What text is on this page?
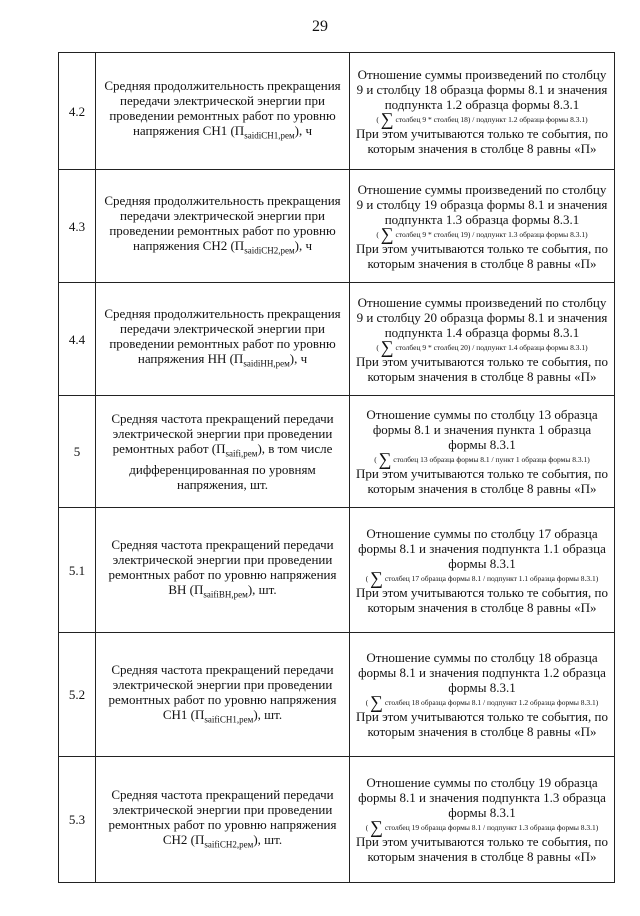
29
4.2	Средняя продолжительность прекращения передачи электрической энергии при проведении ремонтных работ по уровню напряжения СН1 $(П_{saidiСН1,рем})$, ч	Отношение суммы произведений по столбцу 9 и столбцу 18 образца формы 8.1 и значения подпункта 1.2 образца формы 8.3.1
( ∑ столбец 9 * столбец 18) / подпункт 1.2 образца формы 8.3.1)
При этом учитываются только те события, по которым значения в столбце 8 равны «П»

4.3	Средняя продолжительность прекращения передачи электрической энергии при проведении ремонтных работ по уровню напряжения СН2 $(П_{saidiСН2,рем})$, ч	Отношение суммы произведений по столбцу 9 и столбцу 19 образца формы 8.1 и значения подпункта 1.3 образца формы 8.3.1
( ∑ столбец 9 * столбец 19) / подпункт 1.3 образца формы 8.3.1)
При этом учитываются только те события, по которым значения в столбце 8 равны «П»

4.4	Средняя продолжительность прекращения передачи электрической энергии при проведении ремонтных работ по уровню напряжения НН $(П_{saidiНН,рем})$, ч	Отношение суммы произведений по столбцу 9 и столбцу 20 образца формы 8.1 и значения подпункта 1.4 образца формы 8.3.1
( ∑ столбец 9 * столбец 20) / подпункт 1.4 образца формы 8.3.1)
При этом учитываются только те события, по которым значения в столбце 8 равны «П»

5	Средняя частота прекращений передачи электрической энергии при проведении ремонтных работ $(П_{saifi,рем})$, в том числе дифференцированная по уровням напряжения, шт.	Отношение суммы по столбцу 13 образца формы 8.1 и значения пункта 1 образца формы 8.3.1
( ∑ столбец 13 образца формы 8.1 / пункт 1 образца формы 8.3.1)
При этом учитываются только те события, по которым значения в столбце 8 равны «П»

5.1	Средняя частота прекращений передачи электрической энергии при проведении ремонтных работ по уровню напряжения ВН $(П_{saifiВН,рем})$, шт.	Отношение суммы по столбцу 17 образца формы 8.1 и значения подпункта 1.1 образца формы 8.3.1
( ∑ столбец 17 образца формы 8.1 / подпункт 1.1 образца формы 8.3.1)
При этом учитываются только те события, по которым значения в столбце 8 равны «П»

5.2	Средняя частота прекращений передачи электрической энергии при проведении ремонтных работ по уровню напряжения СН1 $(П_{saifiСН1,рем})$, шт.	Отношение суммы по столбцу 18 образца формы 8.1 и значения подпункта 1.2 образца формы 8.3.1
( ∑ столбец 18 образца формы 8.1 / подпункт 1.2 образца формы 8.3.1)
При этом учитываются только те события, по которым значения в столбце 8 равны «П»

5.3	Средняя частота прекращений передачи электрической энергии при проведении ремонтных работ по уровню напряжения СН2 $(П_{saifiСН2,рем})$, шт.	Отношение суммы по столбцу 19 образца формы 8.1 и значения подпункта 1.3 образца формы 8.3.1
( ∑ столбец 19 образца формы 8.1 / подпункт 1.3 образца формы 8.3.1)
При этом учитываются только те события, по которым значения в столбце 8 равны «П»
